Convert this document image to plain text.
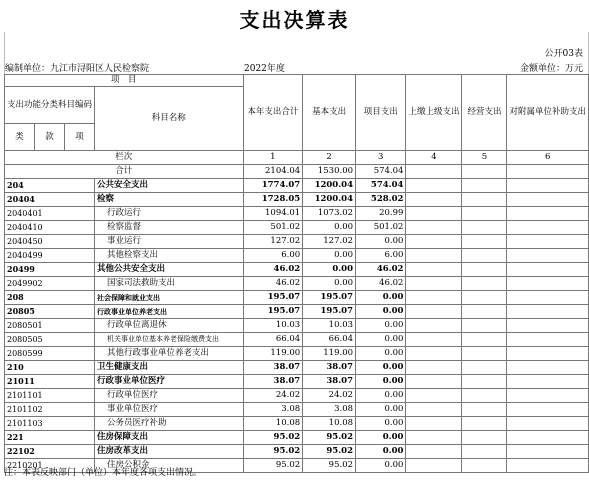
支出决算表
公开03表
编制单位：九江市浔阳区人民检察院	2022年度	金额单位：万元
项　目				本年支出合计	基本支出	项目支出	上缴上级支出	经营支出	对附属单位补助支出
支出功能分类科目编码			科目名称						
类	款	项							
栏次				1	2	3	4	5	6
合计				2104.04	1530.00	574.04			
204			公共安全支出	1774.07	1200.04	574.04			
20404			检察	1728.05	1200.04	528.02			
2040401			行政运行	1094.01	1073.02	20.99			
2040410			检察监督	501.02	0.00	501.02			
2040450			事业运行	127.02	127.02	0.00			
2040499			其他检察支出	6.00	0.00	6.00			
20499			其他公共安全支出	46.02	0.00	46.02			
2049902			国家司法救助支出	46.02	0.00	46.02			
208			社会保障和就业支出	195.07	195.07	0.00			
20805			行政事业单位养老支出	195.07	195.07	0.00			
2080501			行政单位离退休	10.03	10.03	0.00			
2080505			机关事业单位基本养老保险缴费支出	66.04	66.04	0.00			
2080599			其他行政事业单位养老支出	119.00	119.00	0.00			
210			卫生健康支出	38.07	38.07	0.00			
21011			行政事业单位医疗	38.07	38.07	0.00			
2101101			行政单位医疗	24.02	24.02	0.00			
2101102			事业单位医疗	3.08	3.08	0.00			
2101103			公务员医疗补助	10.08	10.08	0.00			
221			住房保障支出	95.02	95.02	0.00			
22102			住房改革支出	95.02	95.02	0.00			
2210201			住房公积金	95.02	95.02	0.00			
注：本表反映部门（单位）本年度各项支出情况。
